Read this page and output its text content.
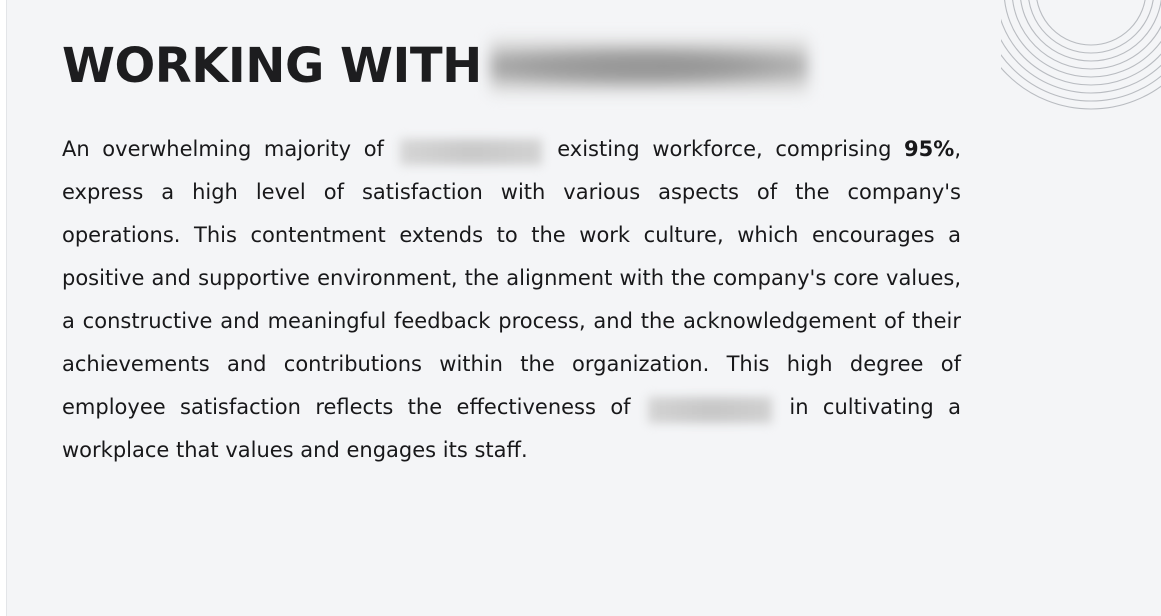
WORKING WITH
An overwhelming majority of	existing workforce, comprising 95%, express a high level of satisfaction with various aspects of the company's operations. This contentment extends to the work culture, which encourages a positive and supportive environment, the alignment with the company's core values, a constructive and meaningful feedback process, and the acknowledgement of their achievements and contributions within the organization. This high degree of employee satisfaction reflects the effectiveness of	in cultivating a workplace that values and engages its staff.
